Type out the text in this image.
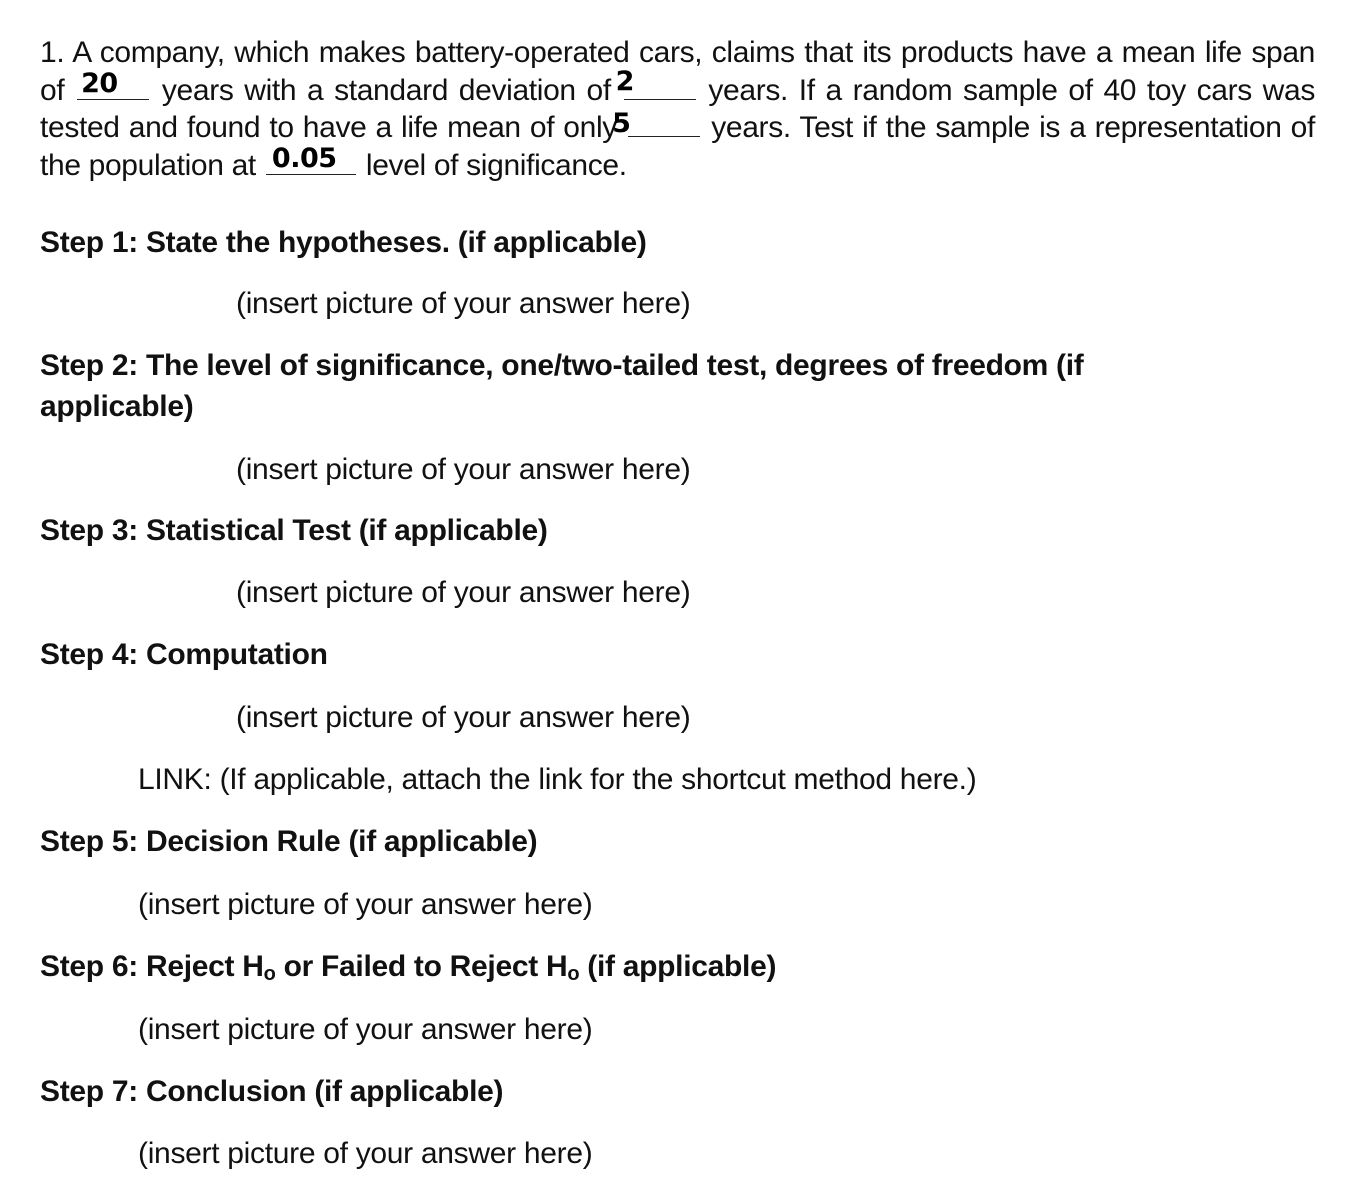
1. A company, which makes battery-operated cars, claims that its products have a mean life span of 20	years with a standard deviation of 2	years. If a random sample of 40 toy cars was tested and found to have a life mean of only
5	years. Test if the sample is a representation of the population at 0.05 level of significance.

Step 1: State the hypotheses. (if applicable)
(insert picture of your answer here)
Step 2: The level of significance, one/two-tailed test, degrees of freedom (if applicable)
(insert picture of your answer here)
Step 3: Statistical Test (if applicable)
(insert picture of your answer here)
Step 4: Computation
(insert picture of your answer here)
LINK: (If applicable, attach the link for the shortcut method here.)
Step 5: Decision Rule (if applicable)
(insert picture of your answer here)
Step 6: Reject $H_o$ or Failed to Reject $H_o$ (if applicable)
(insert picture of your answer here)
Step 7: Conclusion (if applicable)
(insert picture of your answer here)
